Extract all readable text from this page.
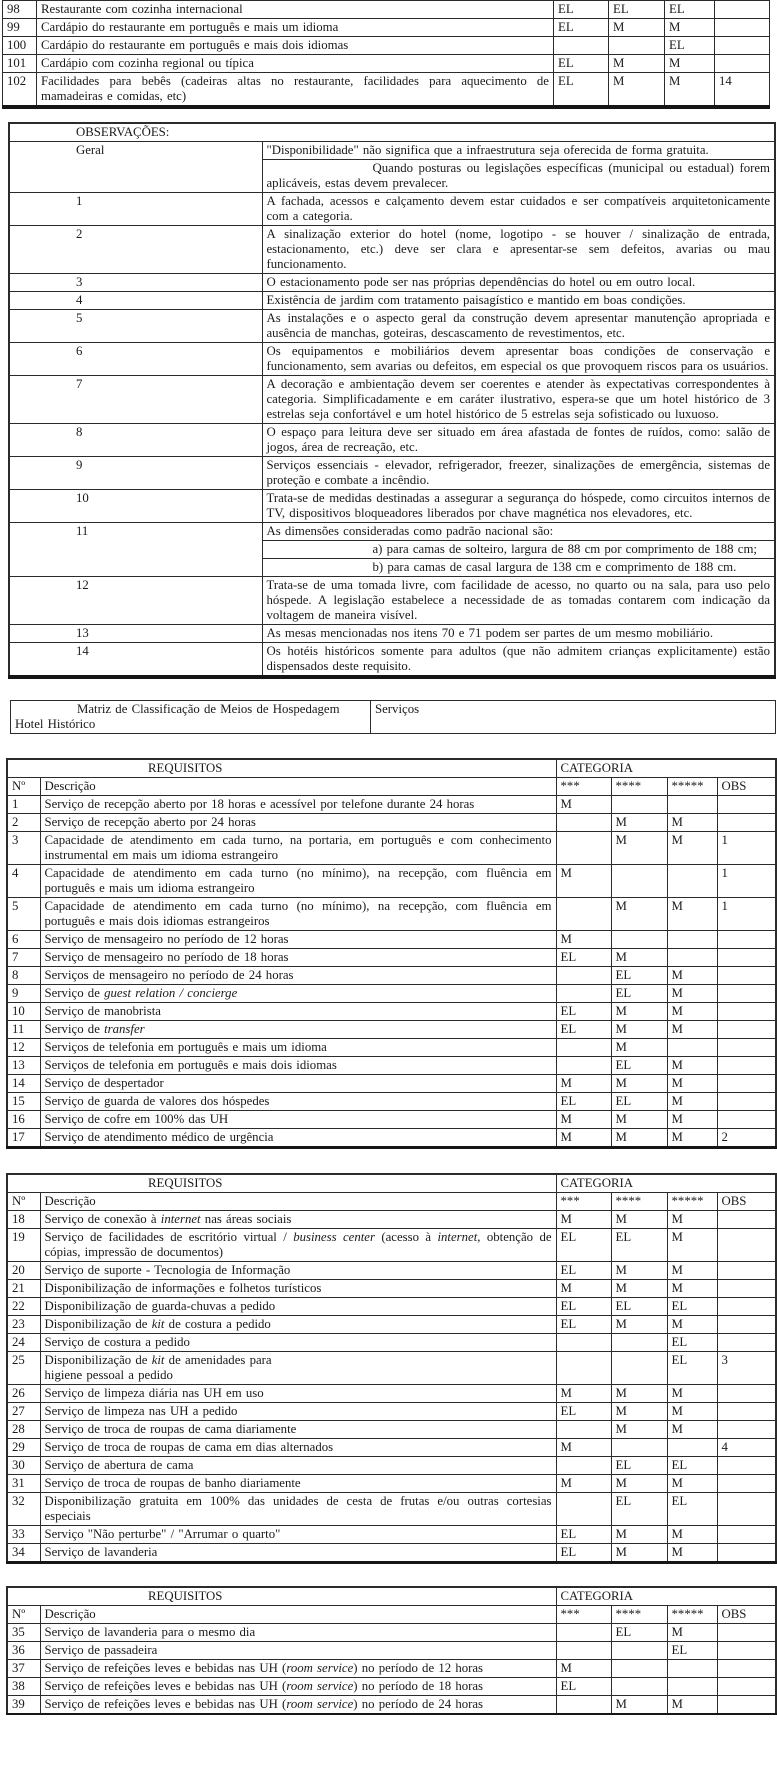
98	Restaurante com cozinha internacional	EL	EL	EL	
99	Cardápio do restaurante em português e mais um idioma	EL	M	M	
100	Cardápio do restaurante em português e mais dois idiomas			EL	
101	Cardápio com cozinha regional ou típica	EL	M	M	
102	Facilidades para bebês (cadeiras altas no restaurante, facilidades para aquecimento de mamadeiras e comidas, etc)	EL	M	M	14
OBSERVAÇÕES:	
Geral	"Disponibilidade" não significa que a infraestrutura seja oferecida de forma gratuita.
Quando posturas ou legislações específicas (municipal ou estadual) forem aplicáveis, estas devem prevalecer.

1	A fachada, acessos e calçamento devem estar cuidados e ser compatíveis arquitetonicamente com a categoria.

2	A sinalização exterior do hotel (nome, logotipo - se houver / sinalização de entrada, estacionamento, etc.) deve ser clara e apresentar-se sem defeitos, avarias ou mau funcionamento.

3	O estacionamento pode ser nas próprias dependências do hotel ou em outro local.

4	Existência de jardim com tratamento paisagístico e mantido em boas condições.

5	As instalações e o aspecto geral da construção devem apresentar manutenção apropriada e ausência de manchas, goteiras, descascamento de revestimentos, etc.

6	Os equipamentos e mobiliários devem apresentar boas condições de conservação e funcionamento, sem avarias ou defeitos, em especial os que provoquem riscos para os usuários.

7	A decoração e ambientação devem ser coerentes e atender às expectativas correspondentes à categoria. Simplificadamente e em caráter ilustrativo, espera-se que um hotel histórico de 3 estrelas seja confortável e um hotel histórico de 5 estrelas seja sofisticado ou luxuoso.

8	O espaço para leitura deve ser situado em área afastada de fontes de ruídos, como: salão de jogos, área de recreação, etc.

9	Serviços essenciais - elevador, refrigerador, freezer, sinalizações de emergência, sistemas de proteção e combate a incêndio.

10	Trata-se de medidas destinadas a assegurar a segurança do hóspede, como circuitos internos de TV, dispositivos bloqueadores liberados por chave magnética nos elevadores, etc.

11	As dimensões consideradas como padrão nacional são:
a) para camas de solteiro, largura de 88 cm por comprimento de 188 cm;
b) para camas de casal largura de 138 cm e comprimento de 188 cm.

12	Trata-se de uma tomada livre, com facilidade de acesso, no quarto ou na sala, para uso pelo hóspede. A legislação estabelece a necessidade de as tomadas contarem com indicação da voltagem de maneira visível.

13	As mesas mencionadas nos itens 70 e 71 podem ser partes de um mesmo mobiliário.

14	Os hotéis históricos somente para adultos (que não admitem crianças explicitamente) estão dispensados deste requisito.
Matriz de Classificação de Meios de Hospedagem
Hotel Histórico
	Serviços
REQUISITOS		CATEGORIA			
Nº	Descrição	***	****	*****	OBS
1	Serviço de recepção aberto por 18 horas e acessível por telefone durante 24 horas	M			
2	Serviço de recepção aberto por 24 horas		M	M	
3	Capacidade de atendimento em cada turno, na portaria, em português e com conhecimento instrumental em mais um idioma estrangeiro		M	M	1
4	Capacidade de atendimento em cada turno (no mínimo), na recepção, com fluência em português e mais um idioma estrangeiro	M			1
5	Capacidade de atendimento em cada turno (no mínimo), na recepção, com fluência em português e mais dois idiomas estrangeiros		M	M	1
6	Serviço de mensageiro no período de 12 horas	M			
7	Serviço de mensageiro no período de 18 horas	EL	M		
8	Serviços de mensageiro no período de 24 horas		EL	M	
9	Serviço de guest relation / concierge		EL	M	
10	Serviço de manobrista	EL	M	M	
11	Serviço de transfer	EL	M	M	
12	Serviços de telefonia em português e mais um idioma		M		
13	Serviços de telefonia em português e mais dois idiomas		EL	M	
14	Serviço de despertador	M	M	M	
15	Serviço de guarda de valores dos hóspedes	EL	EL	M	
16	Serviço de cofre em 100% das UH	M	M	M	
17	Serviço de atendimento médico de urgência	M	M	M	2
REQUISITOS		CATEGORIA			
Nº	Descrição	***	****	*****	OBS
18	Serviço de conexão à internet nas áreas sociais	M	M	M	
19	Serviço de facilidades de escritório virtual / business center (acesso à internet, obtenção de cópias, impressão de documentos)	EL	EL	M	
20	Serviço de suporte - Tecnologia de Informação	EL	M	M	
21	Disponibilização de informações e folhetos turísticos	M	M	M	
22	Disponibilização de guarda-chuvas a pedido	EL	EL	EL	
23	Disponibilização de kit de costura a pedido	EL	M	M	
24	Serviço de costura a pedido			EL	
25	Disponibilização de kit de amenidades para
higiene pessoal a pedido			EL	3
26	Serviço de limpeza diária nas UH em uso	M	M	M	
27	Serviço de limpeza nas UH a pedido	EL	M	M	
28	Serviço de troca de roupas de cama diariamente		M	M	
29	Serviço de troca de roupas de cama em dias alternados	M			4
30	Serviço de abertura de cama		EL	EL	
31	Serviço de troca de roupas de banho diariamente	M	M	M	
32	Disponibilização gratuita em 100% das unidades de cesta de frutas e/ou outras cortesias especiais		EL	EL	
33	Serviço "Não perturbe" / "Arrumar o quarto"	EL	M	M	
34	Serviço de lavanderia	EL	M	M	
REQUISITOS		CATEGORIA			
Nº	Descrição	***	****	*****	OBS
35	Serviço de lavanderia para o mesmo dia		EL	M	
36	Serviço de passadeira			EL	
37	Serviço de refeições leves e bebidas nas UH (room service) no período de 12 horas	M			
38	Serviço de refeições leves e bebidas nas UH (room service) no período de 18 horas	EL			
39	Serviço de refeições leves e bebidas nas UH (room service) no período de 24 horas		M	M	
